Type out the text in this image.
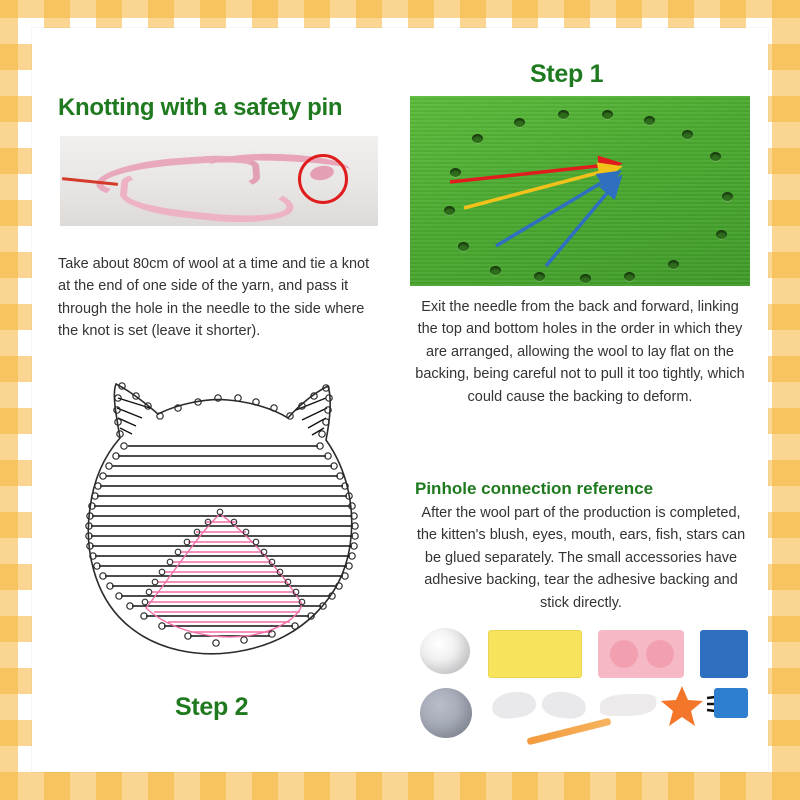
Knotting with a safety pin
Take about 80cm of wool at a time and tie a knot at the end of one side of the yarn, and pass it through the hole in the needle to the side where the knot is set (leave it shorter).
Step 1
Exit the needle from the back and forward, linking the top and bottom holes in the order in which they are arranged, allowing the wool to lay flat on the backing, being careful not to pull it too tightly, which could cause the backing to deform.
Pinhole connection reference
After the wool part of the production is completed, the kitten's blush, eyes, mouth, ears, fish, stars can be glued separately. The small accessories have adhesive backing, tear the adhesive backing and stick directly.
Step 2
